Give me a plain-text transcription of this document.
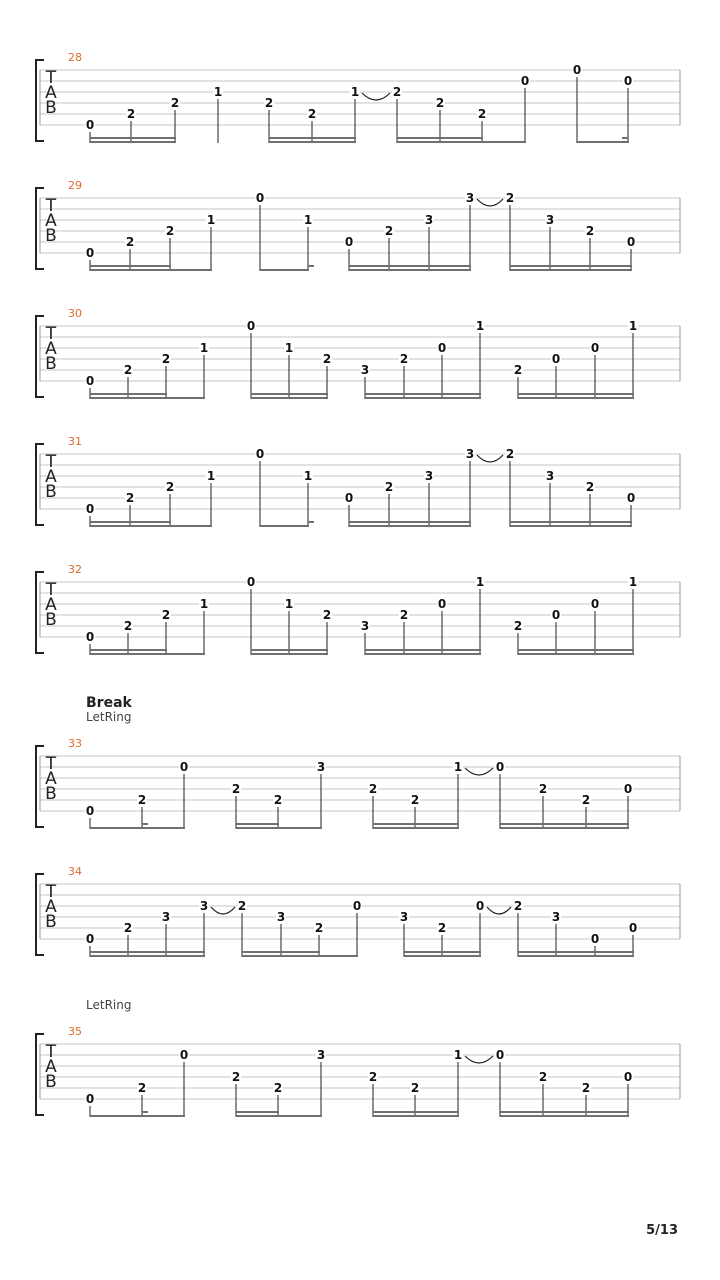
T
A
B
28
0
2
2
1
2
2
1	2
2
2
0
0
0
T
A
B
29
0
2
2
1
0
1
0
2
3
3	2
3
2
0
T
A
B
30
0
2
2
1
0
1
2
3
2
0
1
2
0
0
1
T
A
B
31
0
2
2
1
0
1
0
2
3
3	2
3
2
0
T
A
B
32
0
2
2
1
0
1
2
3
2
0
1
2
0
0
1
T
A
B
33
Break
LetRing
0
2
0
2
2
3
2
2
1	0
2
2
0
T
A
B
34
0
2
3
3 2
3
2
0
3
2
0 2
3
0
0
T
A
B
35
LetRing
0
2
0
2
2
3
2
2
1	0
2
2
0
5/13
